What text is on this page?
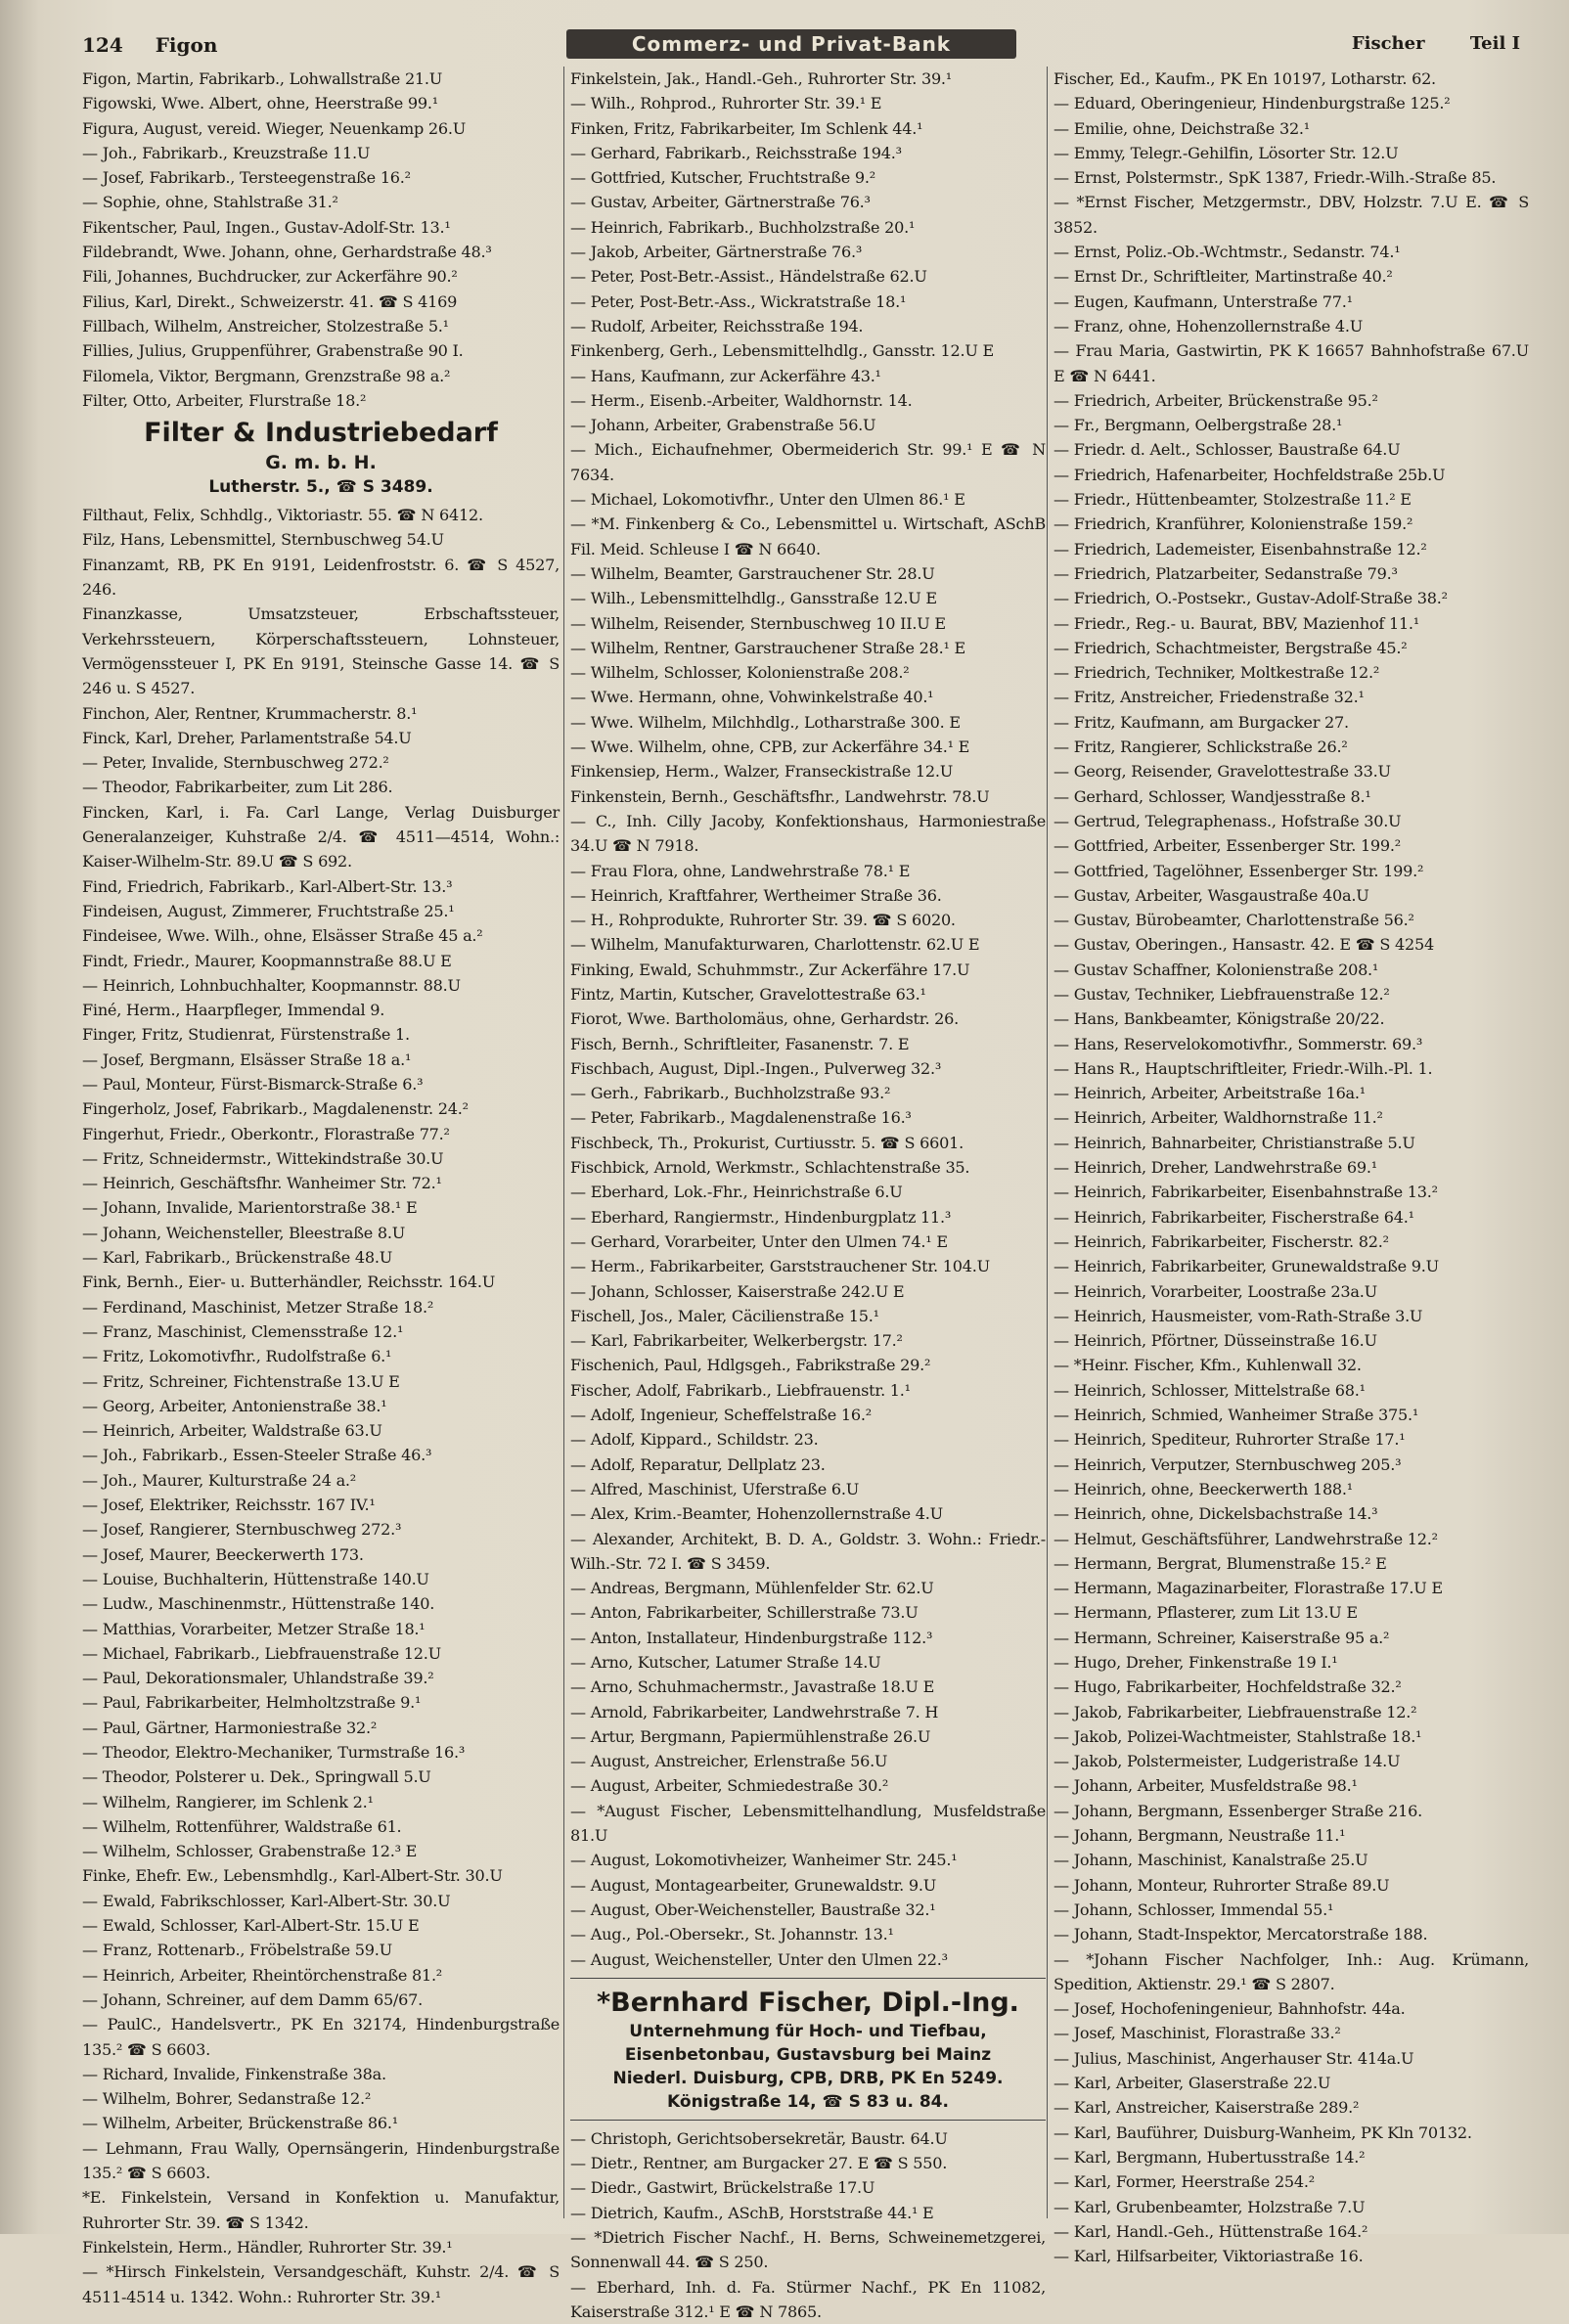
124 Figon	Commerz- und Privat-Bank	Fischer	Teil I
Figon, Martin, Fabrikarb., Lohwallstraße 21.U
Figowski, Wwe. Albert, ohne, Heerstraße 99.¹
Figura, August, vereid. Wieger, Neuenkamp 26.U
— Joh., Fabrikarb., Kreuzstraße 11.U
— Josef, Fabrikarb., Tersteegenstraße 16.²
— Sophie, ohne, Stahlstraße 31.²
Fikentscher, Paul, Ingen., Gustav-Adolf-Str. 13.¹
Fildebrandt, Wwe. Johann, ohne, Gerhardstraße 48.³
Fili, Johannes, Buchdrucker, zur Ackerfähre 90.²
Filius, Karl, Direkt., Schweizerstr. 41. ☎ S 4169
Fillbach, Wilhelm, Anstreicher, Stolzestraße 5.¹
Fillies, Julius, Gruppenführer, Grabenstraße 90 I.
Filomela, Viktor, Bergmann, Grenzstraße 98 a.²
Filter, Otto, Arbeiter, Flurstraße 18.²
Filter & Industriebedarf
G. m. b. H.
Lutherstr. 5., ☎ S 3489.
Filthaut, Felix, Schhdlg., Viktoriastr. 55. ☎ N 6412.
Filz, Hans, Lebensmittel, Sternbuschweg 54.U
Finanzamt, RB, PK En 9191, Leidenfroststr. 6. ☎ S 4527, 246.
Finanzkasse, Umsatzsteuer, Erbschaftssteuer, Verkehrssteuern, Körperschaftssteuern, Lohnsteuer, Vermögenssteuer I, PK En 9191, Steinsche Gasse 14. ☎ S 246 u. S 4527.
Finchon, Aler, Rentner, Krummacherstr. 8.¹
Finck, Karl, Dreher, Parlamentstraße 54.U
— Peter, Invalide, Sternbuschweg 272.²
— Theodor, Fabrikarbeiter, zum Lit 286.
Fincken, Karl, i. Fa. Carl Lange, Verlag Duisburger Generalanzeiger, Kuhstraße 2/4. ☎ 4511—4514, Wohn.: Kaiser-Wilhelm-Str. 89.U ☎ S 692.
Find, Friedrich, Fabrikarb., Karl-Albert-Str. 13.³
Findeisen, August, Zimmerer, Fruchtstraße 25.¹
Findeisee, Wwe. Wilh., ohne, Elsässer Straße 45 a.²
Findt, Friedr., Maurer, Koopmannstraße 88.U E
— Heinrich, Lohnbuchhalter, Koopmannstr. 88.U
Finé, Herm., Haarpfleger, Immendal 9.
Finger, Fritz, Studienrat, Fürstenstraße 1.
— Josef, Bergmann, Elsässer Straße 18 a.¹
— Paul, Monteur, Fürst-Bismarck-Straße 6.³
Fingerholz, Josef, Fabrikarb., Magdalenenstr. 24.²
Fingerhut, Friedr., Oberkontr., Florastraße 77.²
— Fritz, Schneidermstr., Wittekindstraße 30.U
— Heinrich, Geschäftsfhr. Wanheimer Str. 72.¹
— Johann, Invalide, Marientorstraße 38.¹ E
— Johann, Weichensteller, Bleestraße 8.U
— Karl, Fabrikarb., Brückenstraße 48.U
Fink, Bernh., Eier- u. Butterhändler, Reichsstr. 164.U
— Ferdinand, Maschinist, Metzer Straße 18.²
— Franz, Maschinist, Clemensstraße 12.¹
— Fritz, Lokomotivfhr., Rudolfstraße 6.¹
— Fritz, Schreiner, Fichtenstraße 13.U E
— Georg, Arbeiter, Antonienstraße 38.¹
— Heinrich, Arbeiter, Waldstraße 63.U
— Joh., Fabrikarb., Essen-Steeler Straße 46.³
— Joh., Maurer, Kulturstraße 24 a.²
— Josef, Elektriker, Reichsstr. 167 IV.¹
— Josef, Rangierer, Sternbuschweg 272.³
— Josef, Maurer, Beeckerwerth 173.
— Louise, Buchhalterin, Hüttenstraße 140.U
— Ludw., Maschinenmstr., Hüttenstraße 140.
— Matthias, Vorarbeiter, Metzer Straße 18.¹
— Michael, Fabrikarb., Liebfrauenstraße 12.U
— Paul, Dekorationsmaler, Uhlandstraße 39.²
— Paul, Fabrikarbeiter, Helmholtzstraße 9.¹
— Paul, Gärtner, Harmoniestraße 32.²
— Theodor, Elektro-Mechaniker, Turmstraße 16.³
— Theodor, Polsterer u. Dek., Springwall 5.U
— Wilhelm, Rangierer, im Schlenk 2.¹
— Wilhelm, Rottenführer, Waldstraße 61.
— Wilhelm, Schlosser, Grabenstraße 12.³ E
Finke, Ehefr. Ew., Lebensmhdlg., Karl-Albert-Str. 30.U
— Ewald, Fabrikschlosser, Karl-Albert-Str. 30.U
— Ewald, Schlosser, Karl-Albert-Str. 15.U E
— Franz, Rottenarb., Fröbelstraße 59.U
— Heinrich, Arbeiter, Rheintörchenstraße 81.²
— Johann, Schreiner, auf dem Damm 65/67.
— PaulC., Handelsvertr., PK En 32174, Hindenburgstraße 135.² ☎ S 6603.
— Richard, Invalide, Finkenstraße 38a.
— Wilhelm, Bohrer, Sedanstraße 12.²
— Wilhelm, Arbeiter, Brückenstraße 86.¹
— Lehmann, Frau Wally, Opernsängerin, Hindenburgstraße 135.² ☎ S 6603.
*E. Finkelstein, Versand in Konfektion u. Manufaktur, Ruhrorter Str. 39. ☎ S 1342.
Finkelstein, Herm., Händler, Ruhrorter Str. 39.¹
— *Hirsch Finkelstein, Versandgeschäft, Kuhstr. 2/4. ☎ S 4511-4514 u. 1342. Wohn.: Ruhrorter Str. 39.¹
Finkelstein, Jak., Handl.-Geh., Ruhrorter Str. 39.¹
— Wilh., Rohprod., Ruhrorter Str. 39.¹ E
Finken, Fritz, Fabrikarbeiter, Im Schlenk 44.¹
— Gerhard, Fabrikarb., Reichsstraße 194.³
— Gottfried, Kutscher, Fruchtstraße 9.²
— Gustav, Arbeiter, Gärtnerstraße 76.³
— Heinrich, Fabrikarb., Buchholzstraße 20.¹
— Jakob, Arbeiter, Gärtnerstraße 76.³
— Peter, Post-Betr.-Assist., Händelstraße 62.U
— Peter, Post-Betr.-Ass., Wickratstraße 18.¹
— Rudolf, Arbeiter, Reichsstraße 194.
Finkenberg, Gerh., Lebensmittelhdlg., Gansstr. 12.U E
— Hans, Kaufmann, zur Ackerfähre 43.¹
— Herm., Eisenb.-Arbeiter, Waldhornstr. 14.
— Johann, Arbeiter, Grabenstraße 56.U
— Mich., Eichaufnehmer, Obermeiderich Str. 99.¹ E ☎ N 7634.
— Michael, Lokomotivfhr., Unter den Ulmen 86.¹ E
— *M. Finkenberg & Co., Lebensmittel u. Wirtschaft, ASchB Fil. Meid. Schleuse I ☎ N 6640.
— Wilhelm, Beamter, Garstrauchener Str. 28.U
— Wilh., Lebensmittelhdlg., Gansstraße 12.U E
— Wilhelm, Reisender, Sternbuschweg 10 II.U E
— Wilhelm, Rentner, Garstrauchener Straße 28.¹ E
— Wilhelm, Schlosser, Kolonienstraße 208.²
— Wwe. Hermann, ohne, Vohwinkelstraße 40.¹
— Wwe. Wilhelm, Milchhdlg., Lotharstraße 300. E
— Wwe. Wilhelm, ohne, CPB, zur Ackerfähre 34.¹ E
Finkensiep, Herm., Walzer, Franseckistraße 12.U
Finkenstein, Bernh., Geschäftsfhr., Landwehrstr. 78.U
— C., Inh. Cilly Jacoby, Konfektionshaus, Harmoniestraße 34.U ☎ N 7918.
— Frau Flora, ohne, Landwehrstraße 78.¹ E
— Heinrich, Kraftfahrer, Wertheimer Straße 36.
— H., Rohprodukte, Ruhrorter Str. 39. ☎ S 6020.
— Wilhelm, Manufakturwaren, Charlottenstr. 62.U E
Finking, Ewald, Schuhmmstr., Zur Ackerfähre 17.U
Fintz, Martin, Kutscher, Gravelottestraße 63.¹
Fiorot, Wwe. Bartholomäus, ohne, Gerhardstr. 26.
Fisch, Bernh., Schriftleiter, Fasanenstr. 7. E
Fischbach, August, Dipl.-Ingen., Pulverweg 32.³
— Gerh., Fabrikarb., Buchholzstraße 93.²
— Peter, Fabrikarb., Magdalenenstraße 16.³
Fischbeck, Th., Prokurist, Curtiusstr. 5. ☎ S 6601.
Fischbick, Arnold, Werkmstr., Schlachtenstraße 35.
— Eberhard, Lok.-Fhr., Heinrichstraße 6.U
— Eberhard, Rangiermstr., Hindenburgplatz 11.³
— Gerhard, Vorarbeiter, Unter den Ulmen 74.¹ E
— Herm., Fabrikarbeiter, Garststrauchener Str. 104.U
— Johann, Schlosser, Kaiserstraße 242.U E
Fischell, Jos., Maler, Cäcilienstraße 15.¹
— Karl, Fabrikarbeiter, Welkerbergstr. 17.²
Fischenich, Paul, Hdlgsgeh., Fabrikstraße 29.²
Fischer, Adolf, Fabrikarb., Liebfrauenstr. 1.¹
— Adolf, Ingenieur, Scheffelstraße 16.²
— Adolf, Kippard., Schildstr. 23.
— Adolf, Reparatur, Dellplatz 23.
— Alfred, Maschinist, Uferstraße 6.U
— Alex, Krim.-Beamter, Hohenzollernstraße 4.U
— Alexander, Architekt, B. D. A., Goldstr. 3. Wohn.: Friedr.-Wilh.-Str. 72 I. ☎ S 3459.
— Andreas, Bergmann, Mühlenfelder Str. 62.U
— Anton, Fabrikarbeiter, Schillerstraße 73.U
— Anton, Installateur, Hindenburgstraße 112.³
— Arno, Kutscher, Latumer Straße 14.U
— Arno, Schuhmachermstr., Javastraße 18.U E
— Arnold, Fabrikarbeiter, Landwehrstraße 7. H
— Artur, Bergmann, Papiermühlenstraße 26.U
— August, Anstreicher, Erlenstraße 56.U
— August, Arbeiter, Schmiedestraße 30.²
— *August Fischer, Lebensmittelhandlung, Musfeldstraße 81.U
— August, Lokomotivheizer, Wanheimer Str. 245.¹
— August, Montagearbeiter, Grunewaldstr. 9.U
— August, Ober-Weichensteller, Baustraße 32.¹
— Aug., Pol.-Obersekr., St. Johannstr. 13.¹
— August, Weichensteller, Unter den Ulmen 22.³
*Bernhard Fischer, Dipl.-Ing.
Unternehmung für Hoch- und Tiefbau,
Eisenbetonbau, Gustavsburg bei Mainz
Niederl. Duisburg, CPB, DRB, PK En 5249.
Königstraße 14, ☎ S 83 u. 84.
— Christoph, Gerichtsobersekretär, Baustr. 64.U
— Dietr., Rentner, am Burgacker 27. E ☎ S 550.
— Diedr., Gastwirt, Brückelstraße 17.U
— Dietrich, Kaufm., ASchB, Horststraße 44.¹ E
— *Dietrich Fischer Nachf., H. Berns, Schweinemetzgerei, Sonnenwall 44. ☎ S 250.
— Eberhard, Inh. d. Fa. Stürmer Nachf., PK En 11082, Kaiserstraße 312.¹ E ☎ N 7865.
Fischer, Ed., Kaufm., PK En 10197, Lotharstr. 62.
— Eduard, Oberingenieur, Hindenburgstraße 125.²
— Emilie, ohne, Deichstraße 32.¹
— Emmy, Telegr.-Gehilfin, Lösorter Str. 12.U
— Ernst, Polstermstr., SpK 1387, Friedr.-Wilh.-Straße 85.
— *Ernst Fischer, Metzgermstr., DBV, Holzstr. 7.U E. ☎ S 3852.
— Ernst, Poliz.-Ob.-Wchtmstr., Sedanstr. 74.¹
— Ernst Dr., Schriftleiter, Martinstraße 40.²
— Eugen, Kaufmann, Unterstraße 77.¹
— Franz, ohne, Hohenzollernstraße 4.U
— Frau Maria, Gastwirtin, PK K 16657 Bahnhofstraße 67.U E ☎ N 6441.
— Friedrich, Arbeiter, Brückenstraße 95.²
— Fr., Bergmann, Oelbergstraße 28.¹
— Friedr. d. Aelt., Schlosser, Baustraße 64.U
— Friedrich, Hafenarbeiter, Hochfeldstraße 25b.U
— Friedr., Hüttenbeamter, Stolzestraße 11.² E
— Friedrich, Kranführer, Kolonienstraße 159.²
— Friedrich, Lademeister, Eisenbahnstraße 12.²
— Friedrich, Platzarbeiter, Sedanstraße 79.³
— Friedrich, O.-Postsekr., Gustav-Adolf-Straße 38.²
— Friedr., Reg.- u. Baurat, BBV, Mazienhof 11.¹
— Friedrich, Schachtmeister, Bergstraße 45.²
— Friedrich, Techniker, Moltkestraße 12.²
— Fritz, Anstreicher, Friedenstraße 32.¹
— Fritz, Kaufmann, am Burgacker 27.
— Fritz, Rangierer, Schlickstraße 26.²
— Georg, Reisender, Gravelottestraße 33.U
— Gerhard, Schlosser, Wandjesstraße 8.¹
— Gertrud, Telegraphenass., Hofstraße 30.U
— Gottfried, Arbeiter, Essenberger Str. 199.²
— Gottfried, Tagelöhner, Essenberger Str. 199.²
— Gustav, Arbeiter, Wasgaustraße 40a.U
— Gustav, Bürobeamter, Charlottenstraße 56.²
— Gustav, Oberingen., Hansastr. 42. E ☎ S 4254
— Gustav Schaffner, Kolonienstraße 208.¹
— Gustav, Techniker, Liebfrauenstraße 12.²
— Hans, Bankbeamter, Königstraße 20/22.
— Hans, Reservelokomotivfhr., Sommerstr. 69.³
— Hans R., Hauptschriftleiter, Friedr.-Wilh.-Pl. 1.
— Heinrich, Arbeiter, Arbeitstraße 16a.¹
— Heinrich, Arbeiter, Waldhornstraße 11.²
— Heinrich, Bahnarbeiter, Christianstraße 5.U
— Heinrich, Dreher, Landwehrstraße 69.¹
— Heinrich, Fabrikarbeiter, Eisenbahnstraße 13.²
— Heinrich, Fabrikarbeiter, Fischerstraße 64.¹
— Heinrich, Fabrikarbeiter, Fischerstr. 82.²
— Heinrich, Fabrikarbeiter, Grunewaldstraße 9.U
— Heinrich, Vorarbeiter, Loostraße 23a.U
— Heinrich, Hausmeister, vom-Rath-Straße 3.U
— Heinrich, Pförtner, Düsseinstraße 16.U
— *Heinr. Fischer, Kfm., Kuhlenwall 32.
— Heinrich, Schlosser, Mittelstraße 68.¹
— Heinrich, Schmied, Wanheimer Straße 375.¹
— Heinrich, Spediteur, Ruhrorter Straße 17.¹
— Heinrich, Verputzer, Sternbuschweg 205.³
— Heinrich, ohne, Beeckerwerth 188.¹
— Heinrich, ohne, Dickelsbachstraße 14.³
— Helmut, Geschäftsführer, Landwehrstraße 12.²
— Hermann, Bergrat, Blumenstraße 15.² E
— Hermann, Magazinarbeiter, Florastraße 17.U E
— Hermann, Pflasterer, zum Lit 13.U E
— Hermann, Schreiner, Kaiserstraße 95 a.²
— Hugo, Dreher, Finkenstraße 19 I.¹
— Hugo, Fabrikarbeiter, Hochfeldstraße 32.²
— Jakob, Fabrikarbeiter, Liebfrauenstraße 12.²
— Jakob, Polizei-Wachtmeister, Stahlstraße 18.¹
— Jakob, Polstermeister, Ludgeristraße 14.U
— Johann, Arbeiter, Musfeldstraße 98.¹
— Johann, Bergmann, Essenberger Straße 216.
— Johann, Bergmann, Neustraße 11.¹
— Johann, Maschinist, Kanalstraße 25.U
— Johann, Monteur, Ruhrorter Straße 89.U
— Johann, Schlosser, Immendal 55.¹
— Johann, Stadt-Inspektor, Mercatorstraße 188.
— *Johann Fischer Nachfolger, Inh.: Aug. Krümann, Spedition, Aktienstr. 29.¹ ☎ S 2807.
— Josef, Hochofeningenieur, Bahnhofstr. 44a.
— Josef, Maschinist, Florastraße 33.²
— Julius, Maschinist, Angerhauser Str. 414a.U
— Karl, Arbeiter, Glaserstraße 22.U
— Karl, Anstreicher, Kaiserstraße 289.²
— Karl, Bauführer, Duisburg-Wanheim, PK Kln 70132.
— Karl, Bergmann, Hubertusstraße 14.²
— Karl, Former, Heerstraße 254.²
— Karl, Grubenbeamter, Holzstraße 7.U
— Karl, Handl.-Geh., Hüttenstraße 164.²
— Karl, Hilfsarbeiter, Viktoriastraße 16.
